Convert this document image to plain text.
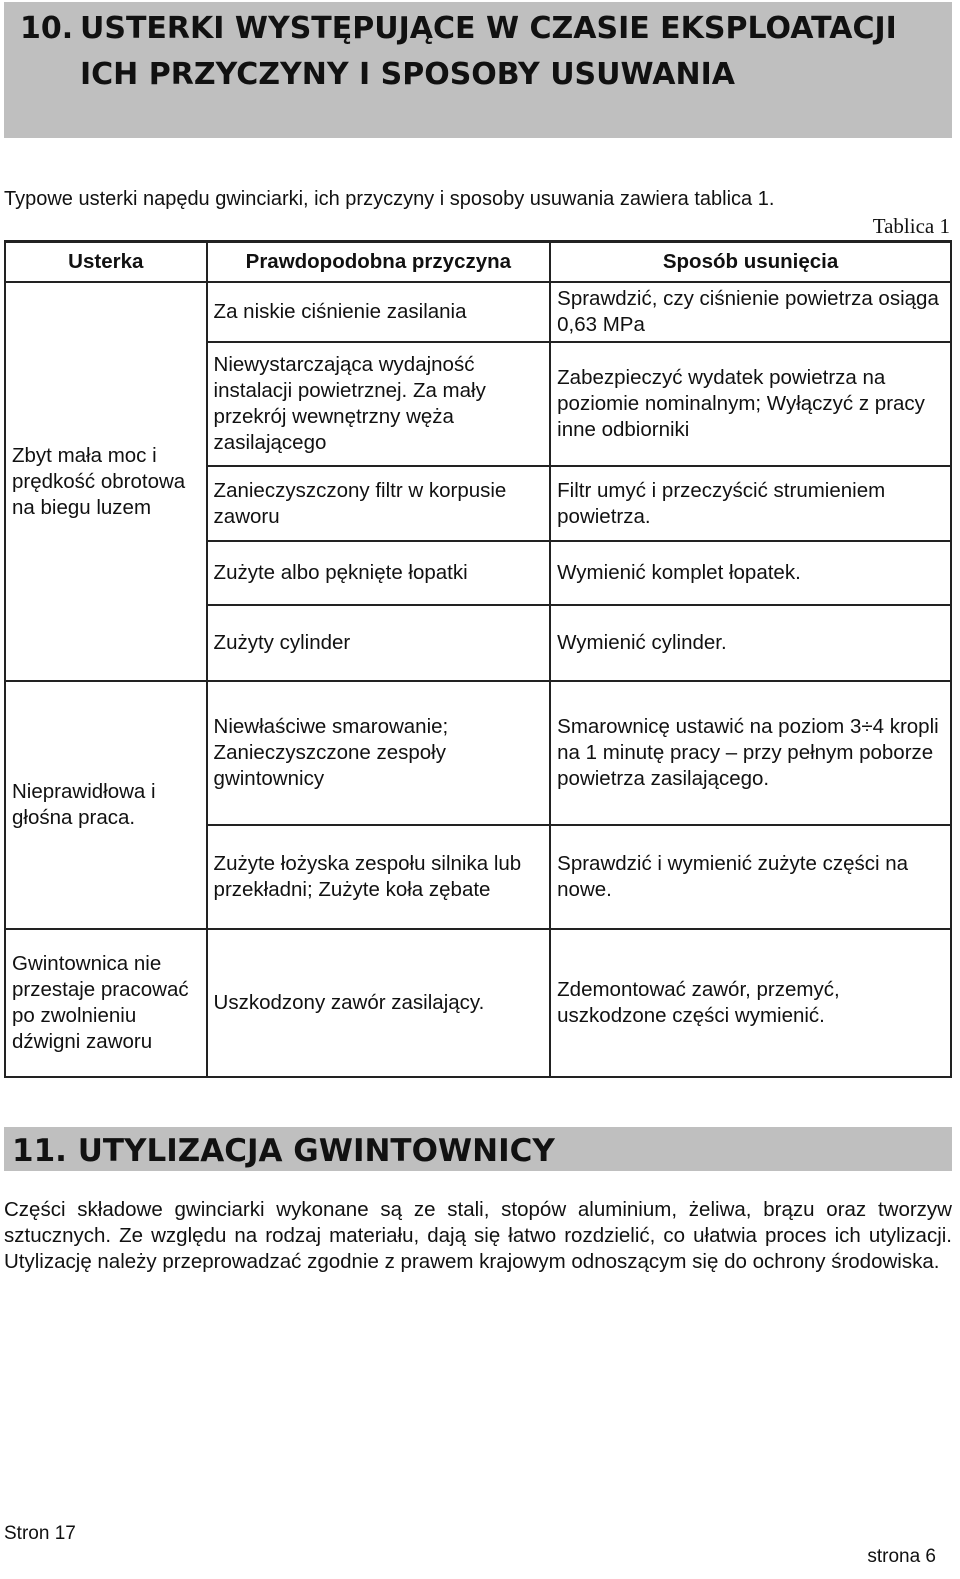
10. USTERKI WYSTĘPUJĄCE W CZASIE EKSPLOATACJI ICH PRZYCZYNY I SPOSOBY USUWANIA
Typowe usterki napędu gwinciarki, ich przyczyny i sposoby usuwania zawiera tablica 1.
Tablica 1
Usterka	Prawdopodobna przyczyna	Sposób usunięcia
Zbyt mała moc i prędkość obrotowa na biegu luzem	Za niskie ciśnienie zasilania	Sprawdzić, czy ciśnienie powietrza osiąga 0,63 MPa
	Niewystarczająca wydajność instalacji powietrznej. Za mały przekrój wewnętrzny węża zasilającego	Zabezpieczyć wydatek powietrza na poziomie nominalnym; Wyłączyć z pracy inne odbiorniki
	Zanieczyszczony filtr w korpusie zaworu	Filtr umyć i przeczyścić strumieniem powietrza.
	Zużyte albo pęknięte łopatki	Wymienić komplet łopatek.
	Zużyty cylinder	Wymienić cylinder.
Nieprawidłowa i głośna praca.	Niewłaściwe smarowanie; Zanieczyszczone zespoły gwintownicy	Smarownicę ustawić na poziom 3÷4 kropli na 1 minutę pracy – przy pełnym poborze powietrza zasilającego.
	Zużyte łożyska zespołu silnika lub przekładni; Zużyte koła zębate	Sprawdzić i wymienić zużyte części na nowe.
Gwintownica nie przestaje pracować po zwolnieniu dźwigni zaworu	Uszkodzony zawór zasilający.	Zdemontować zawór, przemyć, uszkodzone części wymienić.
11. UTYLIZACJA GWINTOWNICY
Części składowe gwinciarki wykonane są ze stali, stopów aluminium, żeliwa, brązu oraz tworzyw sztucznych. Ze względu na rodzaj materiału, dają się łatwo rozdzielić, co ułatwia proces ich utylizacji. Utylizację należy przeprowadzać zgodnie z prawem krajowym odnoszącym się do ochrony środowiska.
Stron 17
strona 6
